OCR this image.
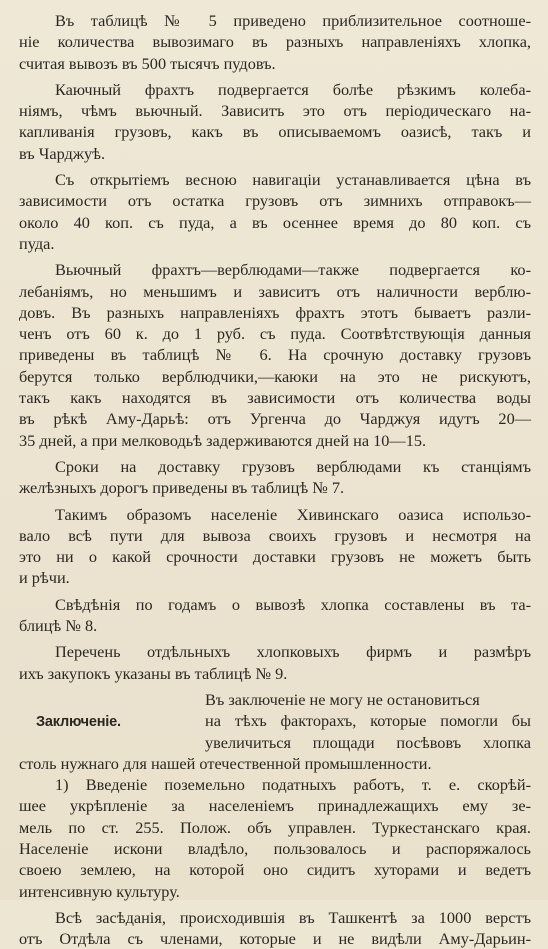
Въ таблицѣ № 5 приведено приблизительное соотноше-
ніе количества вывозимаго въ разныхъ направленіяхъ хлопка,
считая вывозъ въ 500 тысячъ пудовъ.
Каючный фрахтъ подвергается болѣе рѣзкимъ колеба-
ніямъ, чѣмъ вьючный. Зависитъ это отъ періодическаго на-
капливанія грузовъ, какъ въ описываемомъ оазисѣ, такъ и
въ Чарджуѣ.
Съ открытіемъ весною навигаціи устанавливается цѣна въ
зависимости отъ остатка грузовъ отъ зимнихъ отправокъ—
около 40 коп. съ пуда, а въ осеннее время до 80 коп. съ
пуда.
Вьючный фрахтъ—верблюдами—также подвергается ко-
лебаніямъ, но меньшимъ и зависитъ отъ наличности верблю-
довъ. Въ разныхъ направленіяхъ фрахтъ этотъ бываетъ разли-
ченъ отъ 60 к. до 1 руб. съ пуда. Соотвѣтствующія данныя
приведены въ таблицѣ № 6. На срочную доставку грузовъ
берутся только верблюдчики,—каюки на это не рискуютъ,
такъ какъ находятся въ зависимости отъ количества воды
въ рѣкѣ Аму-Дарьѣ: отъ Ургенча до Чарджуя идутъ 20—
35 дней, а при мелководьѣ задерживаются дней на 10—15.
Сроки на доставку грузовъ верблюдами къ станціямъ
желѣзныхъ дорогъ приведены въ таблицѣ № 7.
Такимъ образомъ населеніе Хивинскаго оазиса использо-
вало всѣ пути для вывоза своихъ грузовъ и несмотря на
это ни о какой срочности доставки грузовъ не можетъ быть
и рѣчи.
Свѣдѣнія по годамъ о вывозѣ хлопка составлены въ та-
блицѣ № 8.
Перечень отдѣльныхъ хлопковыхъ фирмъ и размѣръ
ихъ закупокъ указаны въ таблицѣ № 9.
Въ заключеніе не могу не остановиться
Заключеніе.	на тѣхъ факторахъ, которые помогли бы
увеличиться площади посѣвовъ хлопка
столь нужнаго для нашей отечественной промышленности.
1) Введеніе поземельно податныхъ работъ, т. е. скорѣй-
шее укрѣпленіе за населеніемъ принадлежащихъ ему зе-
мель по ст. 255. Полож. объ управлен. Туркестанскаго края.
Населеніе искони владѣло, пользовалось и распоряжалось
своею землею, на которой оно сидитъ хуторами и ведетъ
интенсивную культуру.
Всѣ засѣданія, происходившія въ Ташкентѣ за 1000 верстъ
отъ Отдѣла съ членами, которые и не видѣли Аму-Дарьин-
